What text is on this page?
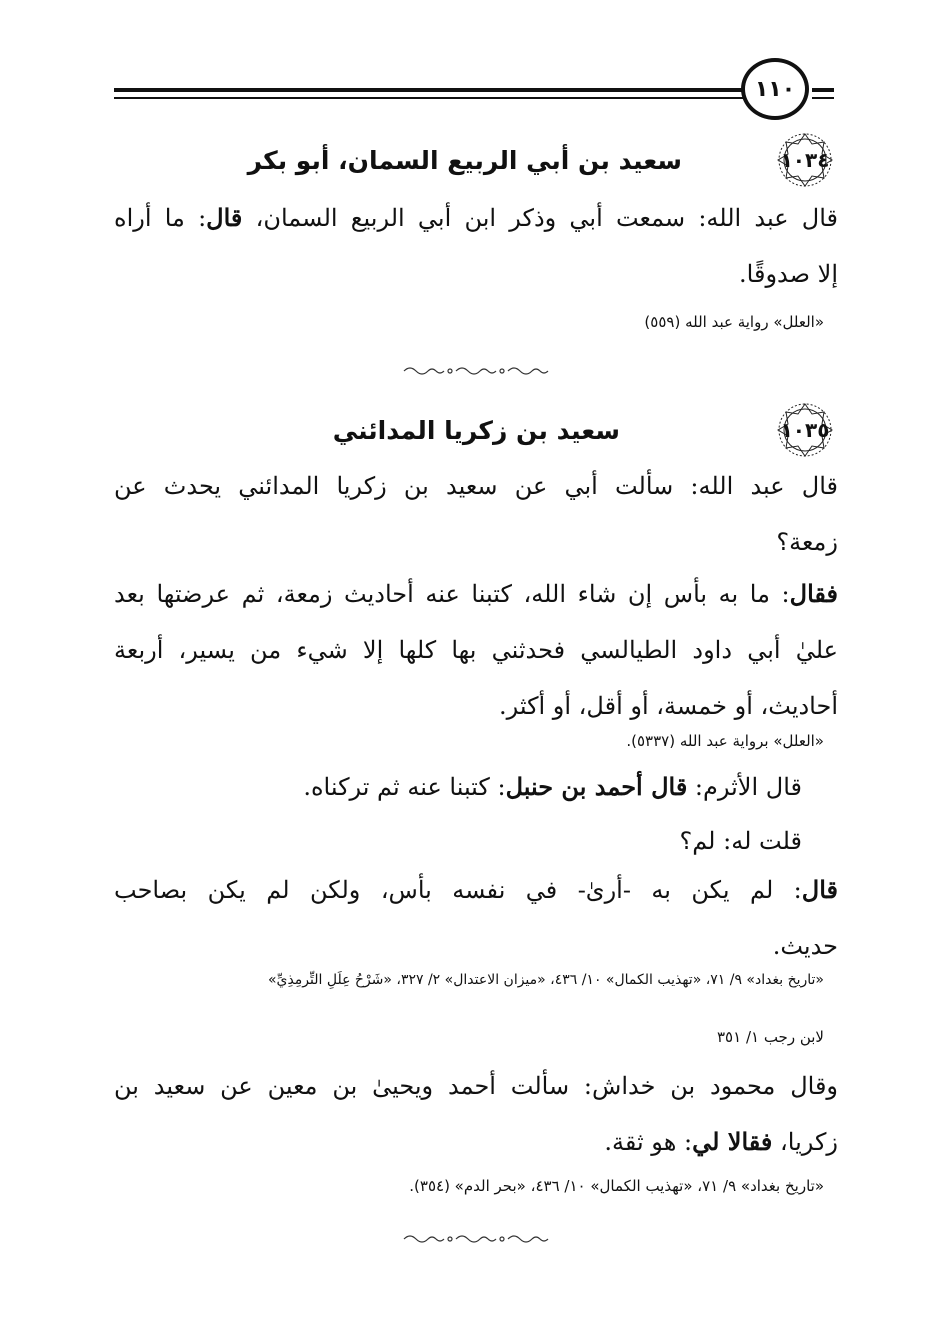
١١٠
١٠٣٤
سعيد بن أبي الربيع السمان، أبو بكر
قال عبد الله: سمعت أبي وذكر ابن أبي الربيع السمان، قال: ما أراه
إلا صدوقًا.
«العلل» رواية عبد الله (٥٥٩)
١٠٣٥
سعيد بن زكريا المدائني
قال عبد الله: سألت أبي عن سعيد بن زكريا المدائني يحدث عن
زمعة؟
فقال: ما به بأس إن شاء الله، كتبنا عنه أحاديث زمعة، ثم عرضتها بعد
عليٰ أبي داود الطيالسي فحدثني بها كلها إلا شيء من يسير، أربعة
أحاديث، أو خمسة، أو أقل، أو أكثر.
«العلل» برواية عبد الله (٥٣٣٧).
قال الأثرم: قال أحمد بن حنبل: كتبنا عنه ثم تركناه.
قلت له: لم؟
قال: لم يكن به -أرىٰ- في نفسه بأس، ولكن لم يكن بصاحب
حديث.
«تاريخ بغداد» ٩/ ٧١، «تهذيب الكمال» ١٠/ ٤٣٦، «ميزان الاعتدال» ٢/ ٣٢٧، «شَرْحُ عِلَلِ التِّرمِذِيِّ»
لابن رجب ١/ ٣٥١
وقال محمود بن خداش: سألت أحمد ويحيىٰ بن معين عن سعيد بن
زكريا، فقالا لي: هو ثقة.
«تاريخ بغداد» ٩/ ٧١، «تهذيب الكمال» ١٠/ ٤٣٦، «بحر الدم» (٣٥٤).
